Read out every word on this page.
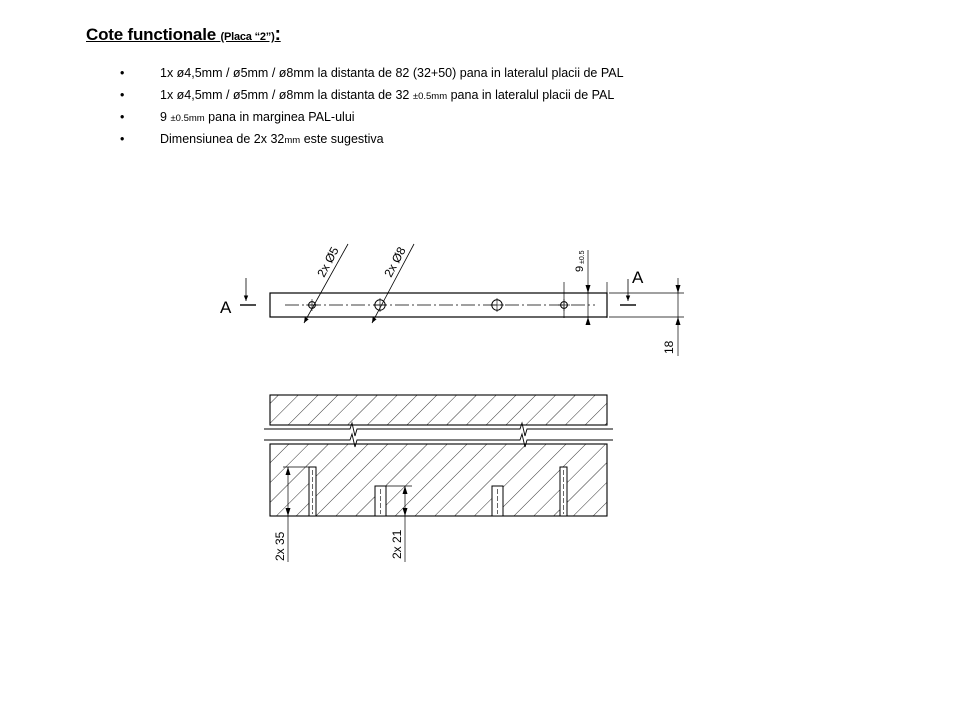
Cote functionale (Placa “2”):
•	1x ø4,5mm / ø5mm / ø8mm la distanta de 82 (32+50) pana in lateralul placii de PAL
•	1x ø4,5mm / ø5mm / ø8mm la distanta de 32 ±0.5mm pana in lateralul placii de PAL
•	9 ±0.5mm pana in marginea PAL-ului
•	Dimensiunea de 2x 32mm este sugestiva
2x Ø5	2x Ø8	9
±0.5
18
A
A
2x 35	2x 21
